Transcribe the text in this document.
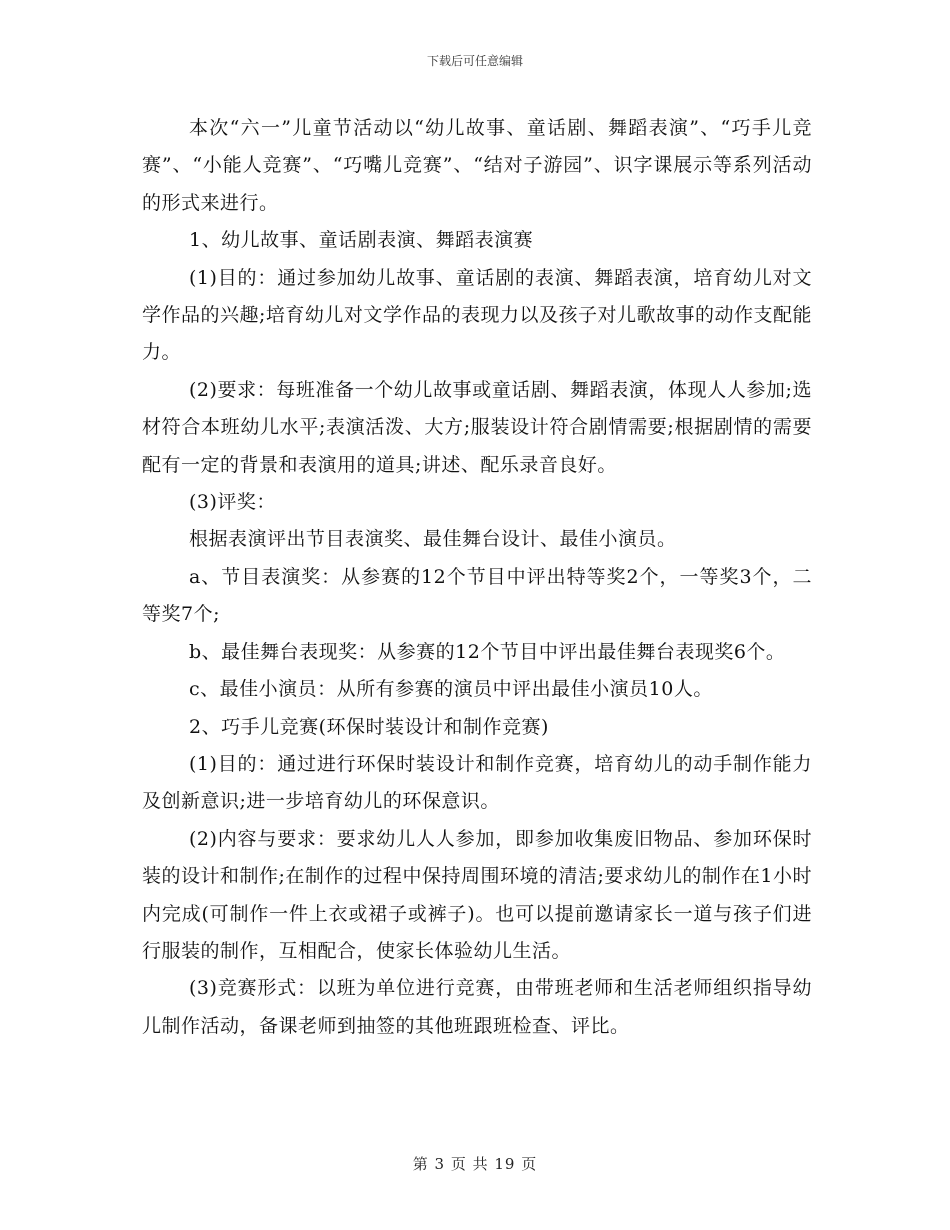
下载后可任意编辑

本次“六一”儿童节活动以“幼儿故事、童话剧、舞蹈表演”、“巧手儿竞赛”、“小能人竞赛”、“巧嘴儿竞赛”、“结对子游园”、识字课展示等系列活动的形式来进行。

1、幼儿故事、童话剧表演、舞蹈表演赛

(1)目的：通过参加幼儿故事、童话剧的表演、舞蹈表演，培育幼儿对文学作品的兴趣;培育幼儿对文学作品的表现力以及孩子对儿歌故事的动作支配能力。

(2)要求：每班准备一个幼儿故事或童话剧、舞蹈表演，体现人人参加;选材符合本班幼儿水平;表演活泼、大方;服装设计符合剧情需要;根据剧情的需要配有一定的背景和表演用的道具;讲述、配乐录音良好。

(3)评奖：

根据表演评出节目表演奖、最佳舞台设计、最佳小演员。

a、节目表演奖：从参赛的12个节目中评出特等奖2个，一等奖3个，二等奖7个;

b、最佳舞台表现奖：从参赛的12个节目中评出最佳舞台表现奖6个。

c、最佳小演员：从所有参赛的演员中评出最佳小演员10人。

2、巧手儿竞赛(环保时装设计和制作竞赛)

(1)目的：通过进行环保时装设计和制作竞赛，培育幼儿的动手制作能力及创新意识;进一步培育幼儿的环保意识。

(2)内容与要求：要求幼儿人人参加，即参加收集废旧物品、参加环保时装的设计和制作;在制作的过程中保持周围环境的清洁;要求幼儿的制作在1小时内完成(可制作一件上衣或裙子或裤子)。也可以提前邀请家长一道与孩子们进行服装的制作，互相配合，使家长体验幼儿生活。

(3)竞赛形式：以班为单位进行竞赛，由带班老师和生活老师组织指导幼儿制作活动，备课老师到抽签的其他班跟班检查、评比。

第 3 页 共 19 页
